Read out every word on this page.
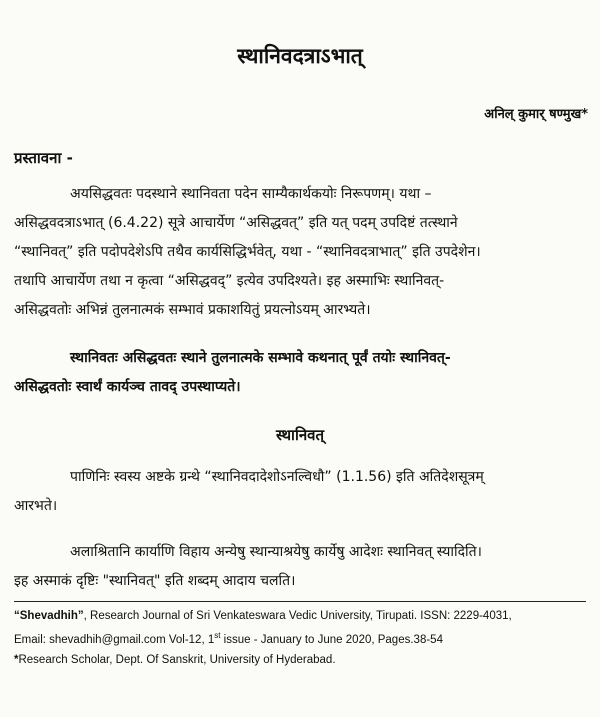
स्थानिवदत्राऽभात्
अनिल् कुमार् षण्मुख*
प्रस्तावना -
अयसिद्धवतः पदस्थाने स्थानिवता पदेन साम्यैकार्थकयोः निरूपणम्। यथा –
असिद्धवदत्राऽभात् (6.4.22) सूत्रे आचार्येण “असिद्धवत्” इति यत् पदम् उपदिष्टं तत्स्थाने
“स्थानिवत्” इति पदोपदेशेऽपि तथैव कार्यसिद्धिर्भवेत्, यथा - “स्थानिवदत्राभात्” इति उपदेशेन।
तथापि आचार्येण तथा न कृत्वा “असिद्धवद्” इत्येव उपदिश्यते। इह अस्माभिः स्थानिवत्-
असिद्धवतोः अभिन्नं तुलनात्मकं सम्भावं प्रकाशयितुं प्रयत्नोऽयम् आरभ्यते।
स्थानिवतः असिद्धवतः स्थाने तुलनात्मके सम्भावे कथनात् पूर्वं तयोः स्थानिवत्-
असिद्धवतोः स्वार्थं कार्यञ्च तावद् उपस्थाप्यते।
स्थानिवत्
पाणिनिः स्वस्य अष्टके ग्रन्थे “स्थानिवदादेशोऽनल्विधौ” (1.1.56) इति अतिदेशसूत्रम्
आरभते।
अलाश्रितानि कार्याणि विहाय अन्येषु स्थान्याश्रयेषु कार्येषु आदेशः स्थानिवत् स्यादिति।
इह अस्माकं दृष्टिः "स्थानिवत्" इति शब्दम् आदाय चलति।
“Shevadhih”, Research Journal of Sri Venkateswara Vedic University, Tirupati. ISSN: 2229-4031,
Email: shevadhih@gmail.com Vol-12, 1st issue - January to June 2020, Pages.38-54
*Research Scholar, Dept. Of Sanskrit, University of Hyderabad.
